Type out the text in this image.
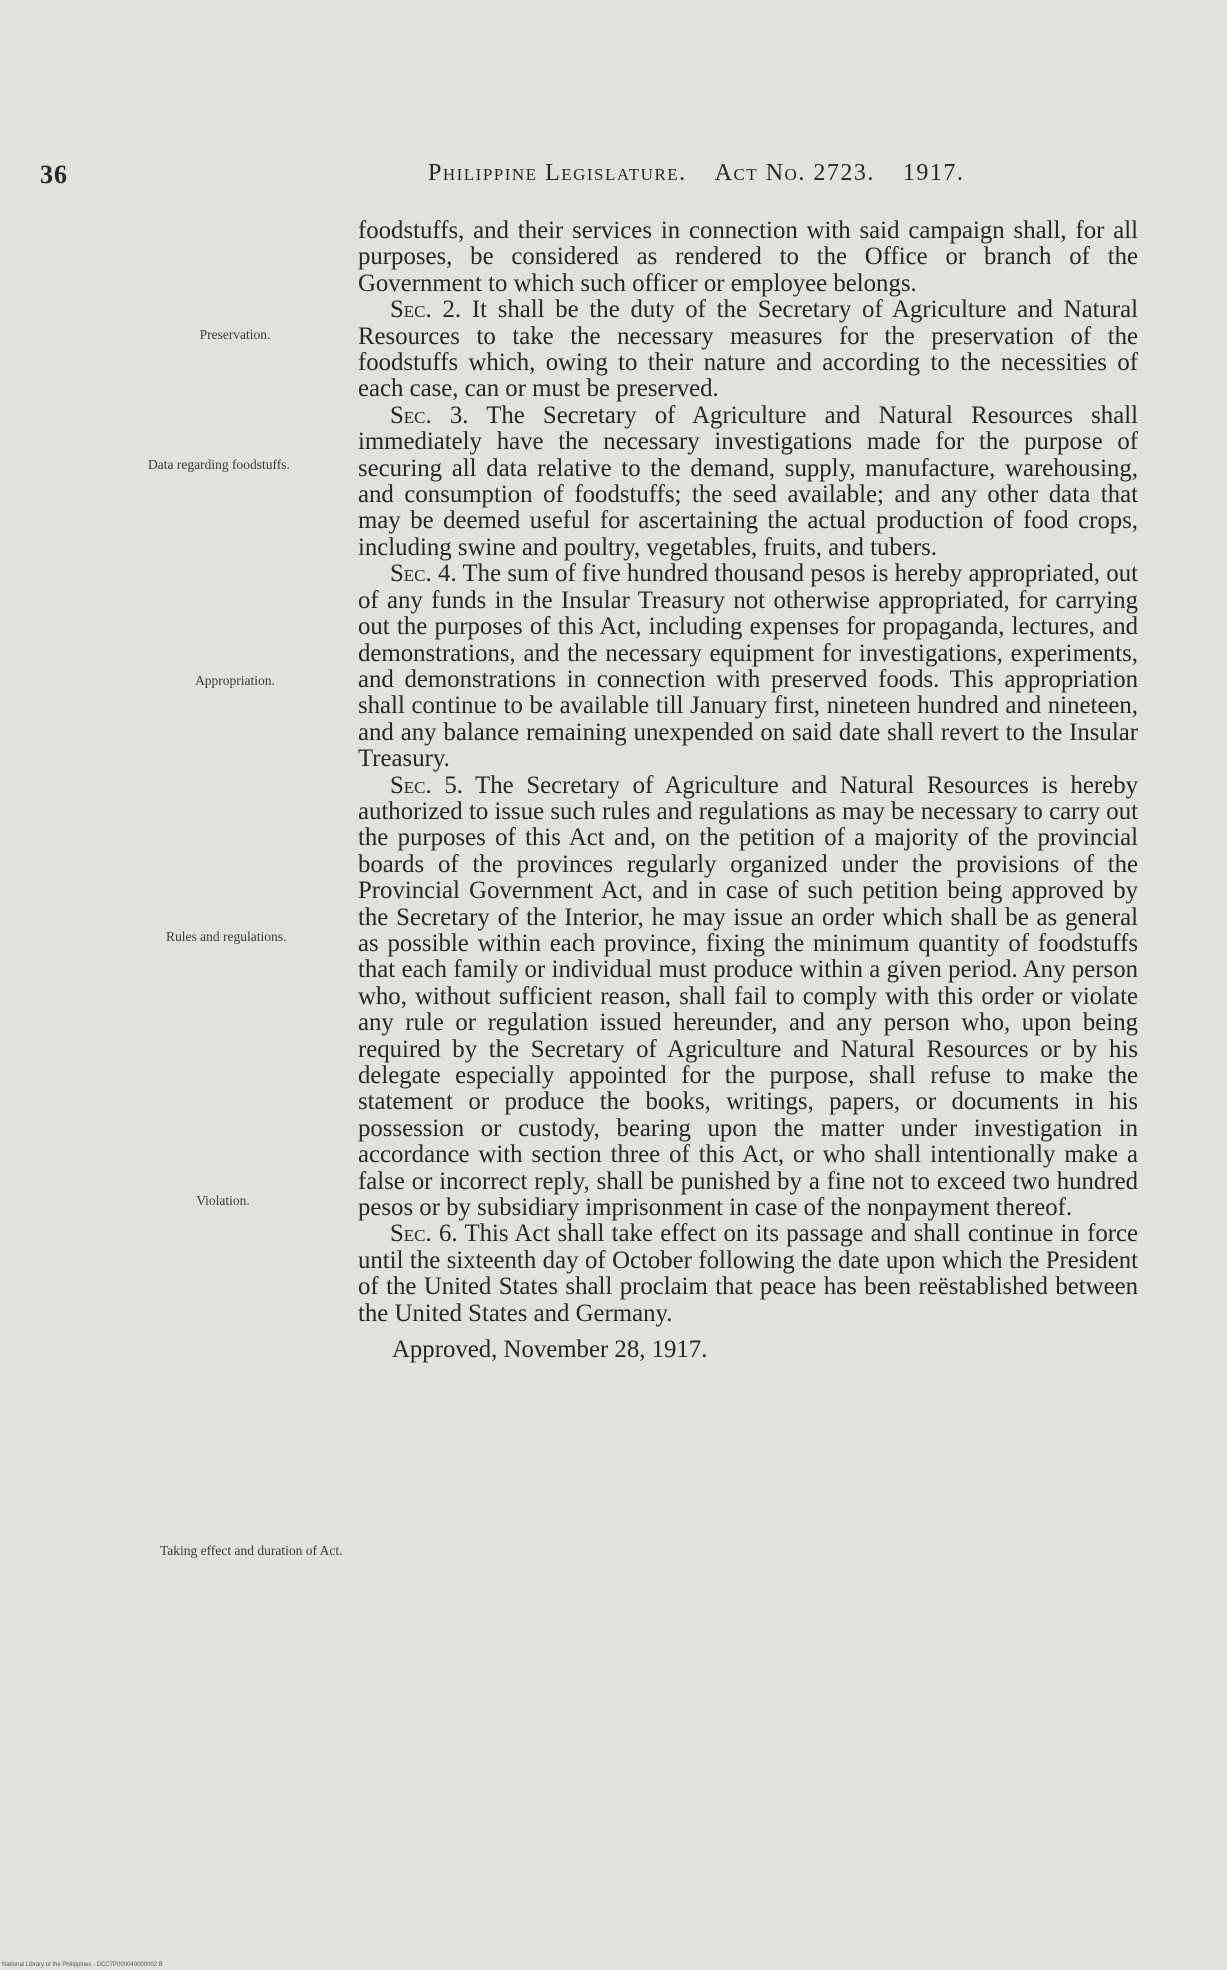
36	Philippine Legislature. Act No. 2723. 1917.
Preservation.
Data regarding foodstuffs.
Appropriation.
Rules and regulations.
Violation.
Taking effect and duration of Act.

foodstuffs, and their services in connection with said campaign shall, for all purposes, be considered as rendered to the Office or branch of the Government to which such officer or employee belongs.

Sec. 2. It shall be the duty of the Secretary of Agriculture and Natural Resources to take the necessary measures for the preservation of the foodstuffs which, owing to their nature and according to the necessities of each case, can or must be preserved.

Sec. 3. The Secretary of Agriculture and Natural Resources shall immediately have the necessary investigations made for the purpose of securing all data relative to the demand, supply, manufacture, warehousing, and consumption of foodstuffs; the seed available; and any other data that may be deemed useful for ascertaining the actual production of food crops, including swine and poultry, vegetables, fruits, and tubers.

Sec. 4. The sum of five hundred thousand pesos is hereby appropriated, out of any funds in the Insular Treasury not otherwise appropriated, for carrying out the purposes of this Act, including expenses for propaganda, lectures, and demonstrations, and the necessary equipment for investigations, experiments, and demonstrations in connection with preserved foods. This appropriation shall continue to be available till January first, nineteen hundred and nineteen, and any balance remaining unexpended on said date shall revert to the Insular Treasury.

Sec. 5. The Secretary of Agriculture and Natural Resources is hereby authorized to issue such rules and regulations as may be necessary to carry out the purposes of this Act and, on the petition of a majority of the provincial boards of the provinces regularly organized under the provisions of the Provincial Government Act, and in case of such petition being approved by the Secretary of the Interior, he may issue an order which shall be as general as possible within each province, fixing the minimum quantity of foodstuffs that each family or individual must produce within a given period. Any person who, without sufficient reason, shall fail to comply with this order or violate any rule or regulation issued hereunder, and any person who, upon being required by the Secretary of Agriculture and Natural Resources or by his delegate especially appointed for the purpose, shall refuse to make the statement or produce the books, writings, papers, or documents in his possession or custody, bearing upon the matter under investigation in accordance with section three of this Act, or who shall intentionally make a false or incorrect reply, shall be punished by a fine not to exceed two hundred pesos or by subsidiary imprisonment in case of the nonpayment thereof.

Sec. 6. This Act shall take effect on its passage and shall continue in force until the sixteenth day of October following the date upon which the President of the United States shall proclaim that peace has been reëstablished between the United States and Germany.

Approved, November 28, 1917.

National Library of the Philippines · DCC7P000040000002 B
